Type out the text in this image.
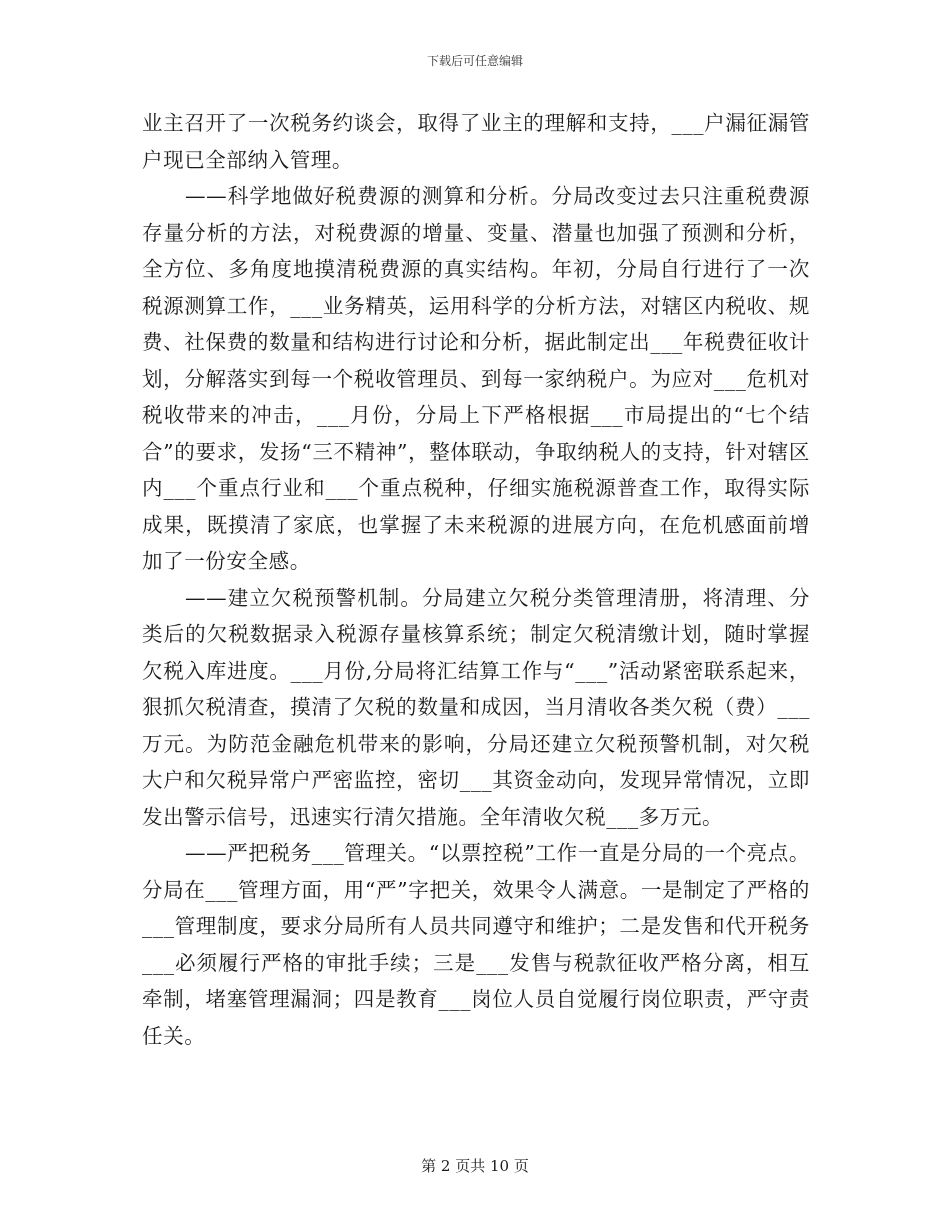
下载后可任意编辑

业主召开了一次税务约谈会，取得了业主的理解和支持，___户漏征漏管户现已全部纳入管理。

——科学地做好税费源的测算和分析。分局改变过去只注重税费源存量分析的方法，对税费源的增量、变量、潜量也加强了预测和分析，全方位、多角度地摸清税费源的真实结构。年初，分局自行进行了一次税源测算工作，___业务精英，运用科学的分析方法，对辖区内税收、规费、社保费的数量和结构进行讨论和分析，据此制定出___年税费征收计划，分解落实到每一个税收管理员、到每一家纳税户。为应对___危机对税收带来的冲击，___月份，分局上下严格根据___市局提出的“七个结合”的要求，发扬“三不精神”，整体联动，争取纳税人的支持，针对辖区内___个重点行业和___个重点税种，仔细实施税源普查工作，取得实际成果，既摸清了家底，也掌握了未来税源的进展方向，在危机感面前增加了一份安全感。

——建立欠税预警机制。分局建立欠税分类管理清册，将清理、分类后的欠税数据录入税源存量核算系统；制定欠税清缴计划，随时掌握欠税入库进度。___月份,分局将汇结算工作与“___”活动紧密联系起来，狠抓欠税清查，摸清了欠税的数量和成因，当月清收各类欠税（费）___万元。为防范金融危机带来的影响，分局还建立欠税预警机制，对欠税大户和欠税异常户严密监控，密切___其资金动向，发现异常情况，立即发出警示信号，迅速实行清欠措施。全年清收欠税___多万元。

——严把税务___管理关。“以票控税”工作一直是分局的一个亮点。分局在___管理方面，用“严”字把关，效果令人满意。一是制定了严格的___管理制度，要求分局所有人员共同遵守和维护；二是发售和代开税务___必须履行严格的审批手续；三是___发售与税款征收严格分离，相互牵制，堵塞管理漏洞；四是教育___岗位人员自觉履行岗位职责，严守责任关。

第 2 页共 10 页
